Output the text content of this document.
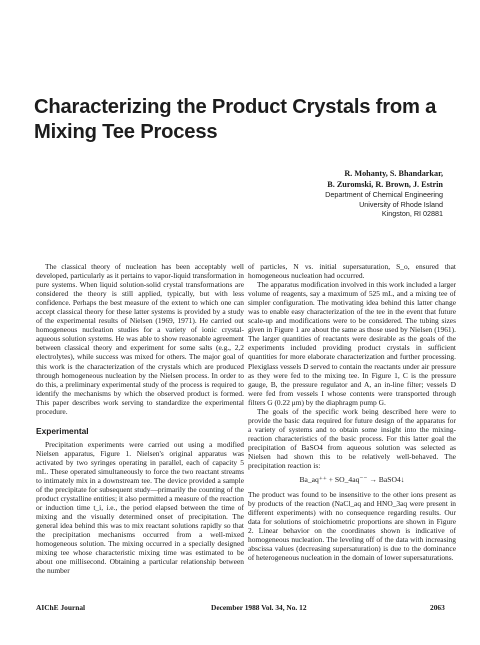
Characterizing the Product Crystals from a Mixing Tee Process
R. Mohanty, S. Bhandarkar,
B. Zuromski, R. Brown, J. Estrin
Department of Chemical Engineering
University of Rhode Island
Kingston, RI 02881

The classical theory of nucleation has been acceptably well developed, particularly as it pertains to vapor-liquid transformation in pure systems. When liquid solution-solid crystal transformations are considered the theory is still applied, typically, but with less confidence. Perhaps the best measure of the extent to which one can accept classical theory for these latter systems is provided by a study of the experimental results of Nielsen (1969, 1971). He carried out homogeneous nucleation studies for a variety of ionic crystal-aqueous solution systems. He was able to show reasonable agreement between classical theory and experiment for some salts (e.g., 2,2 electrolytes), while success was mixed for others. The major goal of this work is the characterization of the crystals which are produced through homogeneous nucleation by the Nielsen process. In order to do this, a preliminary experimental study of the process is required to identify the mechanisms by which the observed product is formed. This paper describes work serving to standardize the experimental procedure.

Experimental

Precipitation experiments were carried out using a modified Nielsen apparatus, Figure 1. Nielsen's original apparatus was activated by two syringes operating in parallel, each of capacity 5 mL. These operated simultaneously to force the two reactant streams to intimately mix in a downstream tee. The device provided a sample of the precipitate for subsequent study—primarily the counting of the product crystalline entities; it also permitted a measure of the reaction or induction time t_i, i.e., the period elapsed between the time of mixing and the visually determined onset of precipitation. The general idea behind this was to mix reactant solutions rapidly so that the precipitation mechanisms occurred from a well-mixed homogeneous solution. The mixing occurred in a specially designed mixing tee whose characteristic mixing time was estimated to be about one millisecond. Obtaining a particular relationship between the number

of particles, N vs. initial supersaturation, S_o, ensured that homogeneous nucleation had occurred.

The apparatus modification involved in this work included a larger volume of reagents, say a maximum of 525 mL, and a mixing tee of simpler configuration. The motivating idea behind this latter change was to enable easy characterization of the tee in the event that future scale-up and modifications were to be considered. The tubing sizes given in Figure 1 are about the same as those used by Nielsen (1961). The larger quantities of reactants were desirable as the goals of the experiments included providing product crystals in sufficient quantities for more elaborate characterization and further processing. Plexiglass vessels D served to contain the reactants under air pressure as they were fed to the mixing tee. In Figure 1, C is the pressure gauge, B, the pressure regulator and A, an in-line filter; vessels D were fed from vessels I whose contents were transported through filters G (0.22 μm) by the diaphragm pump G.

The goals of the specific work being described here were to provide the basic data required for future design of the apparatus for a variety of systems and to obtain some insight into the mixing-reaction characteristics of the basic process. For this latter goal the precipitation of BaSO4 from aqueous solution was selected as Nielsen had shown this to be relatively well-behaved. The precipitation reaction is:

Ba_aq⁺⁺ + SO_4aq⁻⁻ → BaSO4↓

The product was found to be insensitive to the other ions present as by products of the reaction (NaCl_aq and HNO_3aq were present in different experiments) with no consequence regarding results. Our data for solutions of stoichiometric proportions are shown in Figure 2. Linear behavior on the coordinates shown is indicative of homogeneous nucleation. The leveling off of the data with increasing abscissa values (decreasing supersaturation) is due to the dominance of heterogeneous nucleation in the domain of lower supersaturations.

AIChE Journal	December 1988 Vol. 34, No. 12	2063
